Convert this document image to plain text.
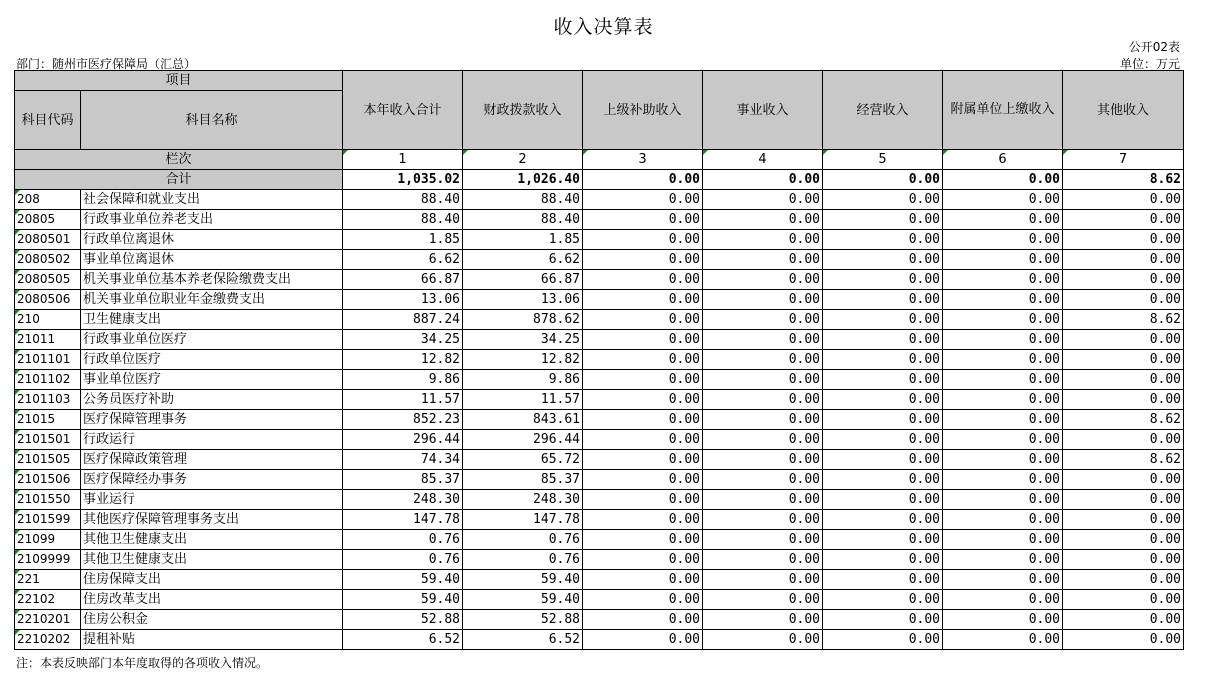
收入决算表
公开02表
部门：随州市医疗保障局（汇总）	单位：万元
项目		本年收入合计	财政拨款收入	上级补助收入	事业收入	经营收入	附属单位上缴收入	其他收入
科目代码	科目名称							

栏次		1	2	3	4	5	6	7
合计		1,035.02	1,026.40	0.00	0.00	0.00	0.00	8.62
208	社会保障和就业支出	88.40	88.40	0.00	0.00	0.00	0.00	0.00
20805	行政事业单位养老支出	88.40	88.40	0.00	0.00	0.00	0.00	0.00
2080501	行政单位离退休	1.85	1.85	0.00	0.00	0.00	0.00	0.00
2080502	事业单位离退休	6.62	6.62	0.00	0.00	0.00	0.00	0.00
2080505	机关事业单位基本养老保险缴费支出	66.87	66.87	0.00	0.00	0.00	0.00	0.00
2080506	机关事业单位职业年金缴费支出	13.06	13.06	0.00	0.00	0.00	0.00	0.00
210	卫生健康支出	887.24	878.62	0.00	0.00	0.00	0.00	8.62
21011	行政事业单位医疗	34.25	34.25	0.00	0.00	0.00	0.00	0.00
2101101	行政单位医疗	12.82	12.82	0.00	0.00	0.00	0.00	0.00
2101102	事业单位医疗	9.86	9.86	0.00	0.00	0.00	0.00	0.00
2101103	公务员医疗补助	11.57	11.57	0.00	0.00	0.00	0.00	0.00
21015	医疗保障管理事务	852.23	843.61	0.00	0.00	0.00	0.00	8.62
2101501	行政运行	296.44	296.44	0.00	0.00	0.00	0.00	0.00
2101505	医疗保障政策管理	74.34	65.72	0.00	0.00	0.00	0.00	8.62
2101506	医疗保障经办事务	85.37	85.37	0.00	0.00	0.00	0.00	0.00
2101550	事业运行	248.30	248.30	0.00	0.00	0.00	0.00	0.00
2101599	其他医疗保障管理事务支出	147.78	147.78	0.00	0.00	0.00	0.00	0.00
21099	其他卫生健康支出	0.76	0.76	0.00	0.00	0.00	0.00	0.00
2109999	其他卫生健康支出	0.76	0.76	0.00	0.00	0.00	0.00	0.00
221	住房保障支出	59.40	59.40	0.00	0.00	0.00	0.00	0.00
22102	住房改革支出	59.40	59.40	0.00	0.00	0.00	0.00	0.00
2210201	住房公积金	52.88	52.88	0.00	0.00	0.00	0.00	0.00
2210202	提租补贴	6.52	6.52	0.00	0.00	0.00	0.00	0.00
注：本表反映部门本年度取得的各项收入情况。
